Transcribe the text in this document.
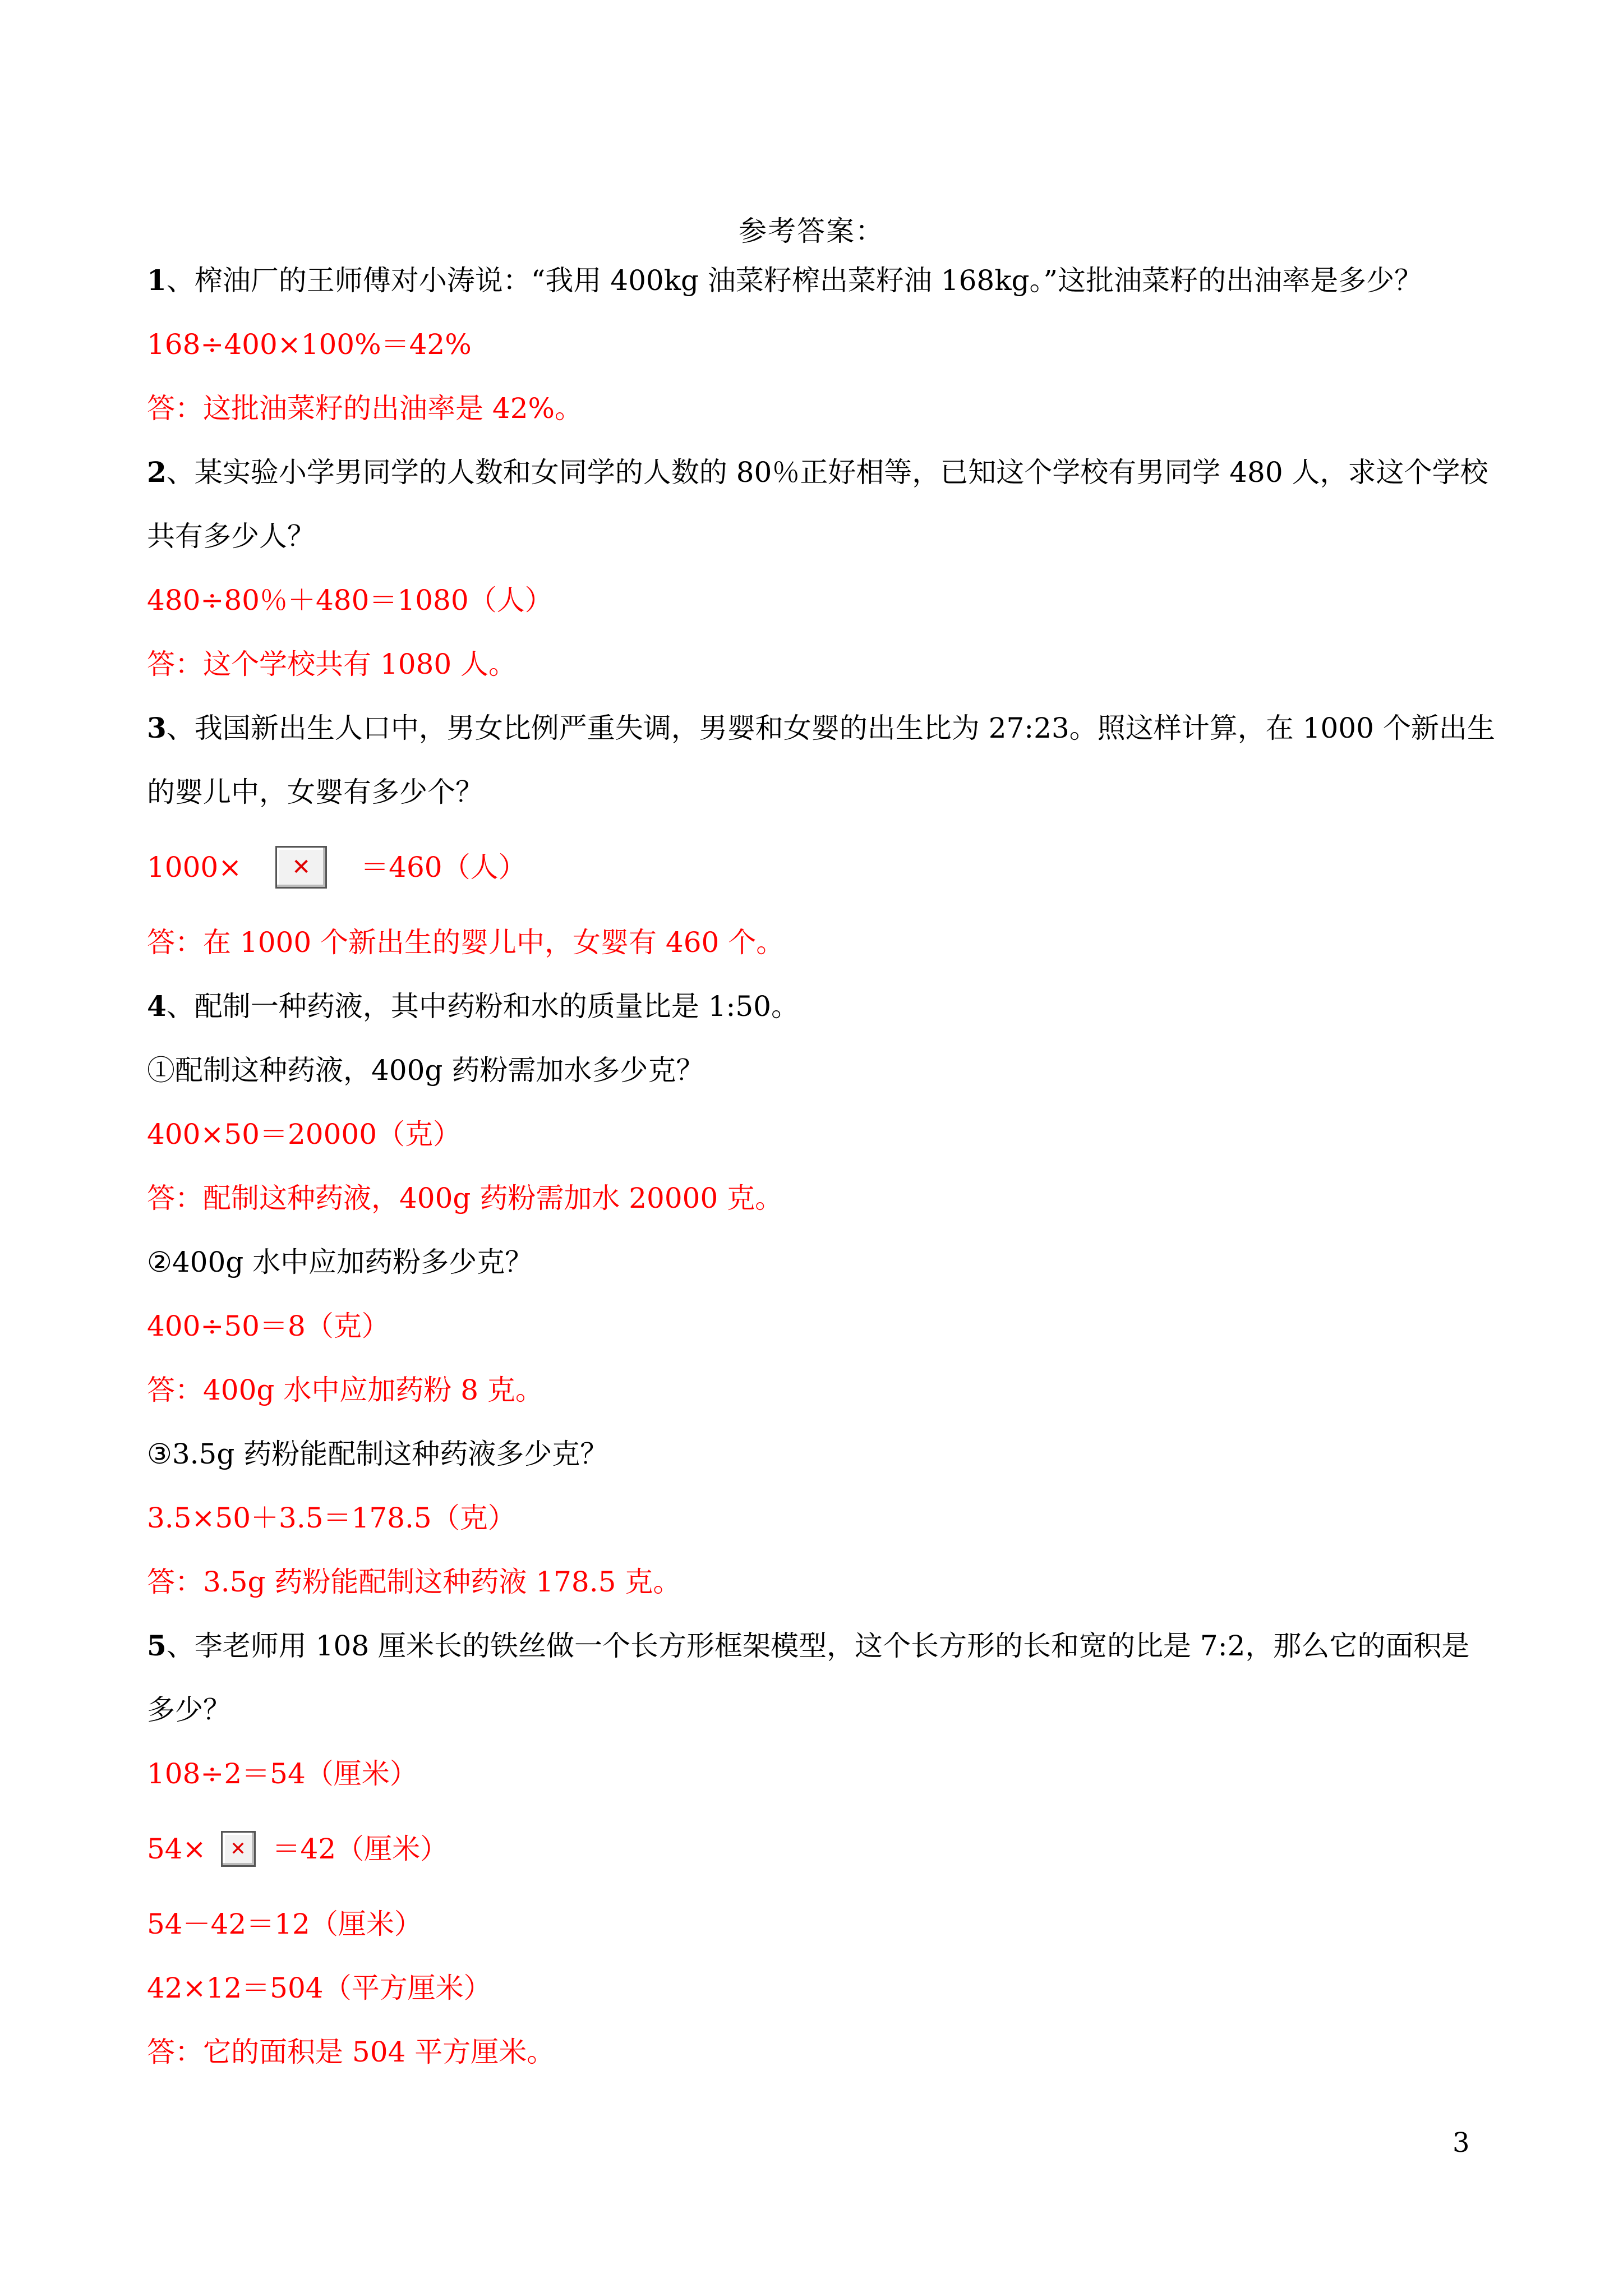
参考答案：
1、榨油厂的王师傅对小涛说：“我用 400kg 油菜籽榨出菜籽油 168kg。”这批油菜籽的出油率是多少？
168÷400×100%＝42%
答：这批油菜籽的出油率是 42%。
2、某实验小学男同学的人数和女同学的人数的 80％正好相等，已知这个学校有男同学 480 人，求这个学校
共有多少人？
480÷80％＋480＝1080（人）
答：这个学校共有 1080 人。
3、我国新出生人口中，男女比例严重失调，男婴和女婴的出生比为 27:23。照这样计算，在 1000 个新出生
的婴儿中，女婴有多少个？
1000×	✕	＝460（人）
答：在 1000 个新出生的婴儿中，女婴有 460 个。
4、配制一种药液，其中药粉和水的质量比是 1:50。
①配制这种药液，400g 药粉需加水多少克？
400×50＝20000（克）
答：配制这种药液，400g 药粉需加水 20000 克。
②400g 水中应加药粉多少克？
400÷50＝8（克）
答：400g 水中应加药粉 8 克。
③3.5g 药粉能配制这种药液多少克？
3.5×50＋3.5＝178.5（克）
答：3.5g 药粉能配制这种药液 178.5 克。
5、李老师用 108 厘米长的铁丝做一个长方形框架模型，这个长方形的长和宽的比是 7:2，那么它的面积是
多少？
108÷2＝54（厘米）
54×	✕ ＝42（厘米）
54－42＝12（厘米）
42×12＝504（平方厘米）
答：它的面积是 504 平方厘米。
3
